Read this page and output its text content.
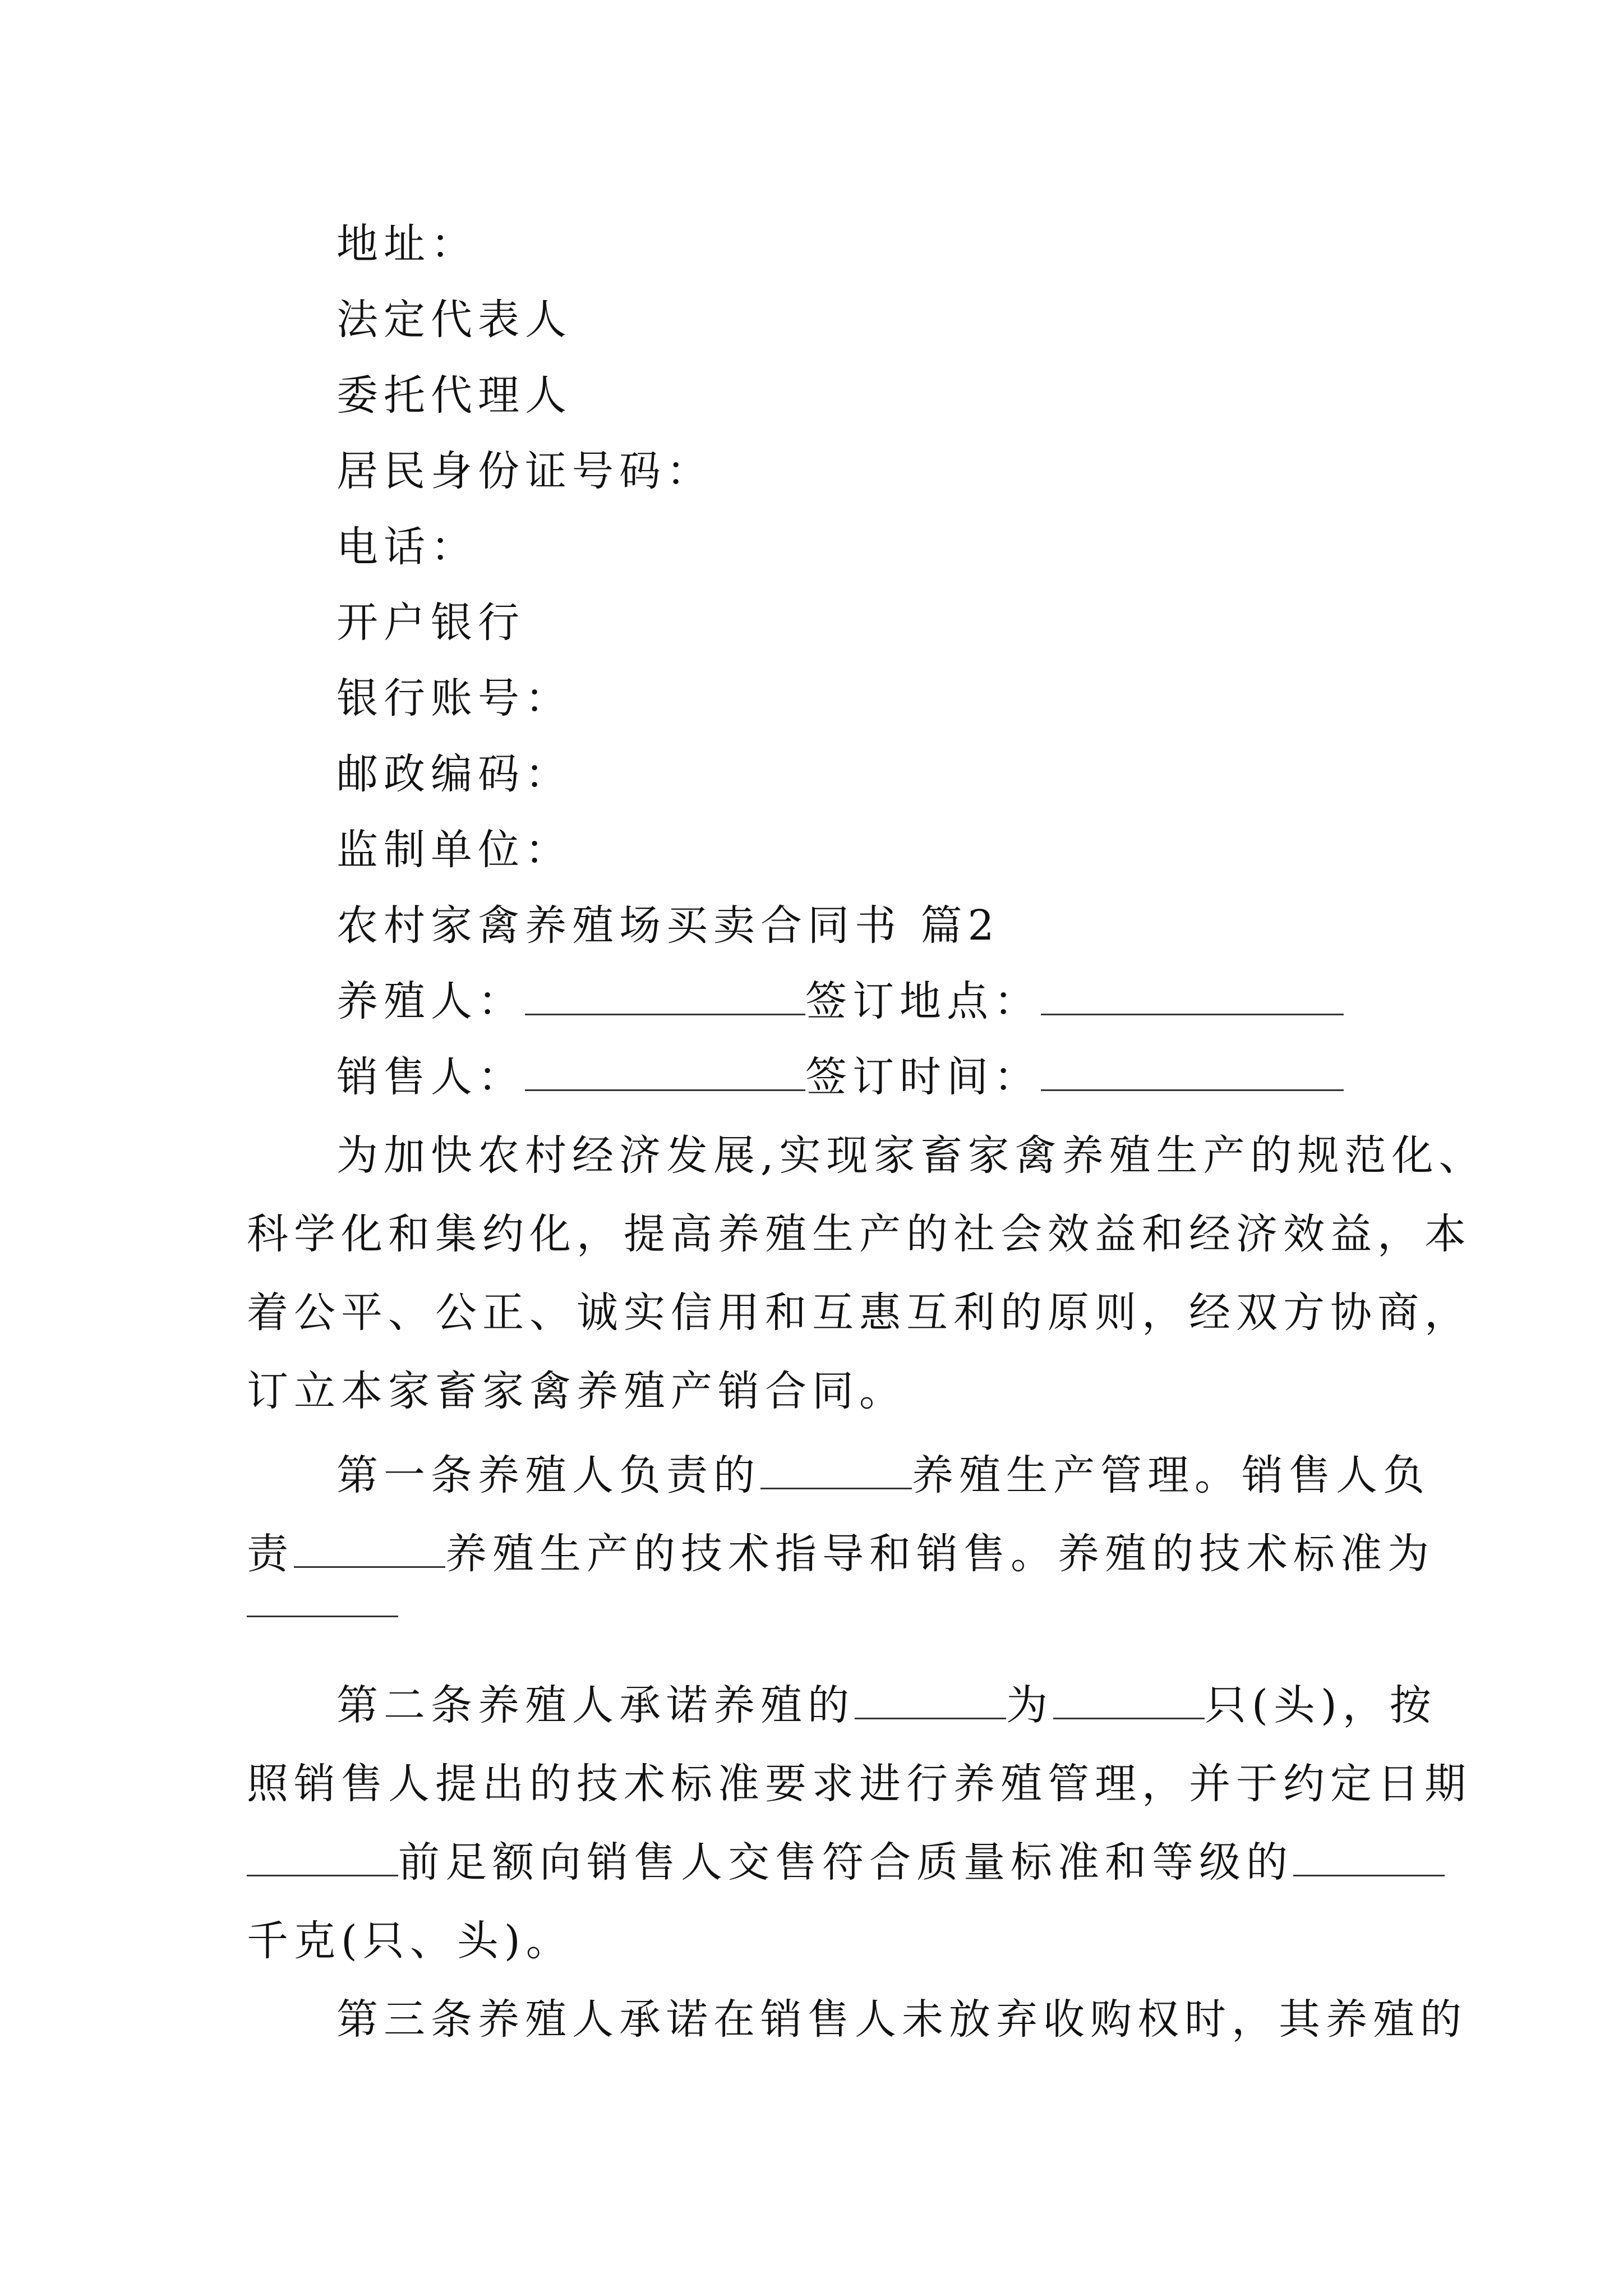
地址：
法定代表人
委托代理人
居民身份证号码：
电话：
开户银行
银行账号：
邮政编码：
监制单位：
农村家禽养殖场买卖合同书 篇2
养殖人：	签订地点：
销售人：	签订时间：
为加快农村经济发展,实现家畜家禽养殖生产的规范化、
科学化和集约化，提高养殖生产的社会效益和经济效益，本
着公平、公正、诚实信用和互惠互利的原则，经双方协商，
订立本家畜家禽养殖产销合同。
第一条养殖人负责的	养殖生产管理。销售人负
责	养殖生产的技术指导和销售。养殖的技术标准为
第二条养殖人承诺养殖的	为	只(头)，按
照销售人提出的技术标准要求进行养殖管理，并于约定日期
前足额向销售人交售符合质量标准和等级的
千克(只、头)。
第三条养殖人承诺在销售人未放弃收购权时，其养殖的
